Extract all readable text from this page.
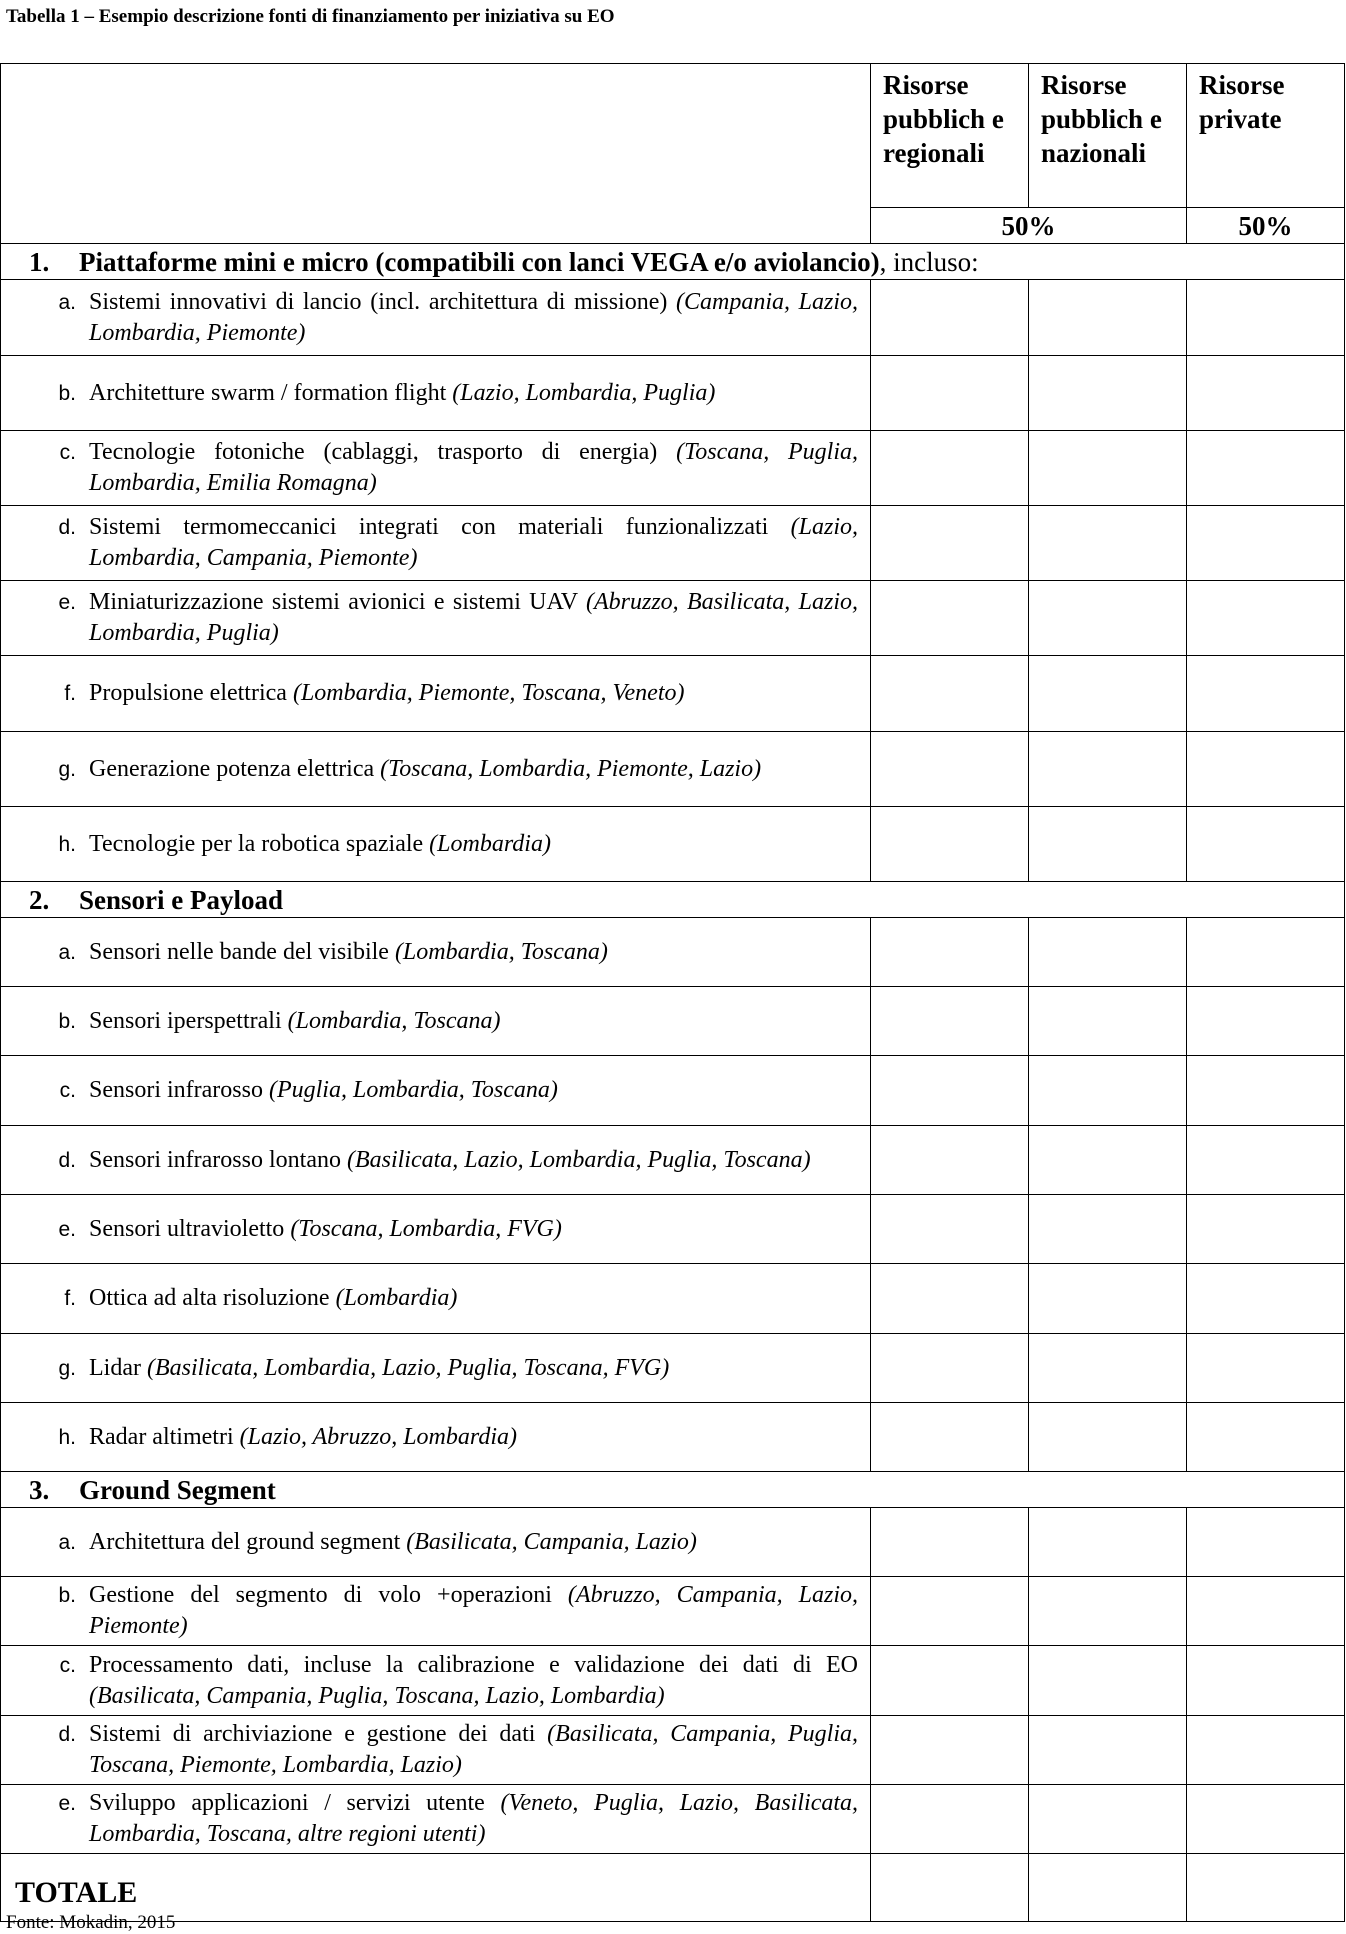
Tabella 1 – Esempio descrizione fonti di finanziamento per iniziativa su EO
	Risorse pubblich e regionali	Risorse pubblich e nazionali	Risorse private
	50%		50%
1. Piattaforme mini e micro (compatibili con lanci VEGA e/o aviolancio), incluso:			

a. Sistemi innovativi di lancio (incl. architettura di missione) (Campania, Lazio, Lombardia, Piemonte)			

b. Architetture swarm / formation flight (Lazio, Lombardia, Puglia)			

c. Tecnologie fotoniche (cablaggi, trasporto di energia) (Toscana, Puglia, Lombardia, Emilia Romagna)			

d. Sistemi termomeccanici integrati con materiali funzionalizzati (Lazio, Lombardia, Campania, Piemonte)			

e. Miniaturizzazione sistemi avionici e sistemi UAV (Abruzzo, Basilicata, Lazio, Lombardia, Puglia)			

f. Propulsione elettrica (Lombardia, Piemonte, Toscana, Veneto)			

g. Generazione potenza elettrica (Toscana, Lombardia, Piemonte, Lazio)			

h. Tecnologie per la robotica spaziale (Lombardia)			

2. Sensori e Payload			

a. Sensori nelle bande del visibile (Lombardia, Toscana)			

b. Sensori iperspettrali (Lombardia, Toscana)			

c. Sensori infrarosso (Puglia, Lombardia, Toscana)			

d. Sensori infrarosso lontano (Basilicata, Lazio, Lombardia, Puglia, Toscana)			

e. Sensori ultravioletto (Toscana, Lombardia, FVG)			

f. Ottica ad alta risoluzione (Lombardia)			

g. Lidar (Basilicata, Lombardia, Lazio, Puglia, Toscana, FVG)			

h. Radar altimetri (Lazio, Abruzzo, Lombardia)			

3. Ground Segment			

a. Architettura del ground segment (Basilicata, Campania, Lazio)			

b. Gestione del segmento di volo +operazioni (Abruzzo, Campania, Lazio, Piemonte)			

c. Processamento dati, incluse la calibrazione e validazione dei dati di EO (Basilicata, Campania, Puglia, Toscana, Lazio, Lombardia)			

d. Sistemi di archiviazione e gestione dei dati (Basilicata, Campania, Puglia, Toscana, Piemonte, Lombardia, Lazio)			

e. Sviluppo applicazioni / servizi utente (Veneto, Puglia, Lazio, Basilicata, Lombardia, Toscana, altre regioni utenti)			

TOTALE			
Fonte: Mokadin, 2015
